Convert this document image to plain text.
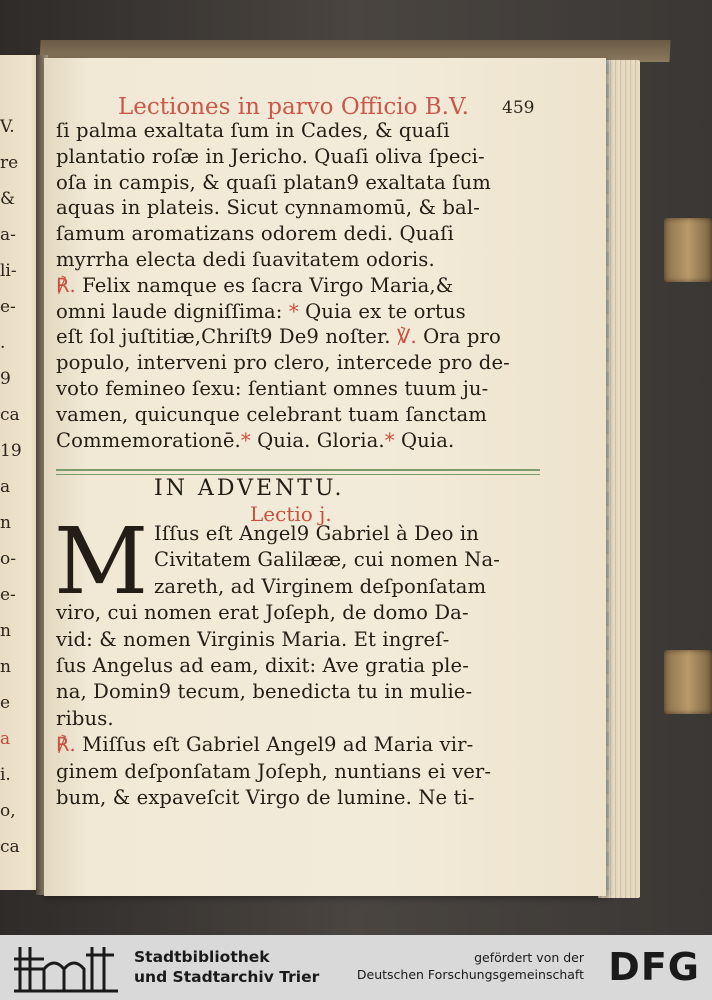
V.
re
&
a-
li-
e-
.
9
ca
19
a
n
o-
e-
n
n
e
a
i.
o,
ca
Lectiones in parvo Officio B.V. 459
ſi palma exaltata ſum in Cades, & quaſi
plantatio roſæ in Jericho. Quaſi oliva ſpeci-
oſa in campis, & quaſi platan9 exaltata ſum
aquas in plateis. Sicut cynnamomū, & bal-
ſamum aromatizans odorem dedi. Quaſi
myrrha electa dedi ſuavitatem odoris.
℟. Felix namque es ſacra Virgo Maria,&
omni laude digniſſima: * Quia ex te ortus
eſt ſol juſtitiæ,Chriſt9 De9 noſter. ℣. Ora pro
populo, interveni pro clero, intercede pro de-
voto femineo ſexu: ſentiant omnes tuum ju-
vamen, quicunque celebrant tuam ſanctam
Commemorationē.* Quia. Gloria.* Quia.
IN ADVENTU.
Lectio j.
M Iſſus eſt Angel9 Gabriel à Deo in
Civitatem Galilææ, cui nomen Na-
zareth, ad Virginem deſponſatam
viro, cui nomen erat Joſeph, de domo Da-
vid: & nomen Virginis Maria. Et ingreſ-
ſus Angelus ad eam, dixit: Ave gratia ple-
na, Domin9 tecum, benedicta tu in mulie-
ribus.
℟. Miſſus eſt Gabriel Angel9 ad Maria vir-
ginem deſponſatam Joſeph, nuntians ei ver-
bum, & expaveſcit Virgo de lumine. Ne ti-
Stadtbibliothek
und Stadtarchiv Trier
gefördert von der
Deutschen Forschungsgemeinschaft DFG
